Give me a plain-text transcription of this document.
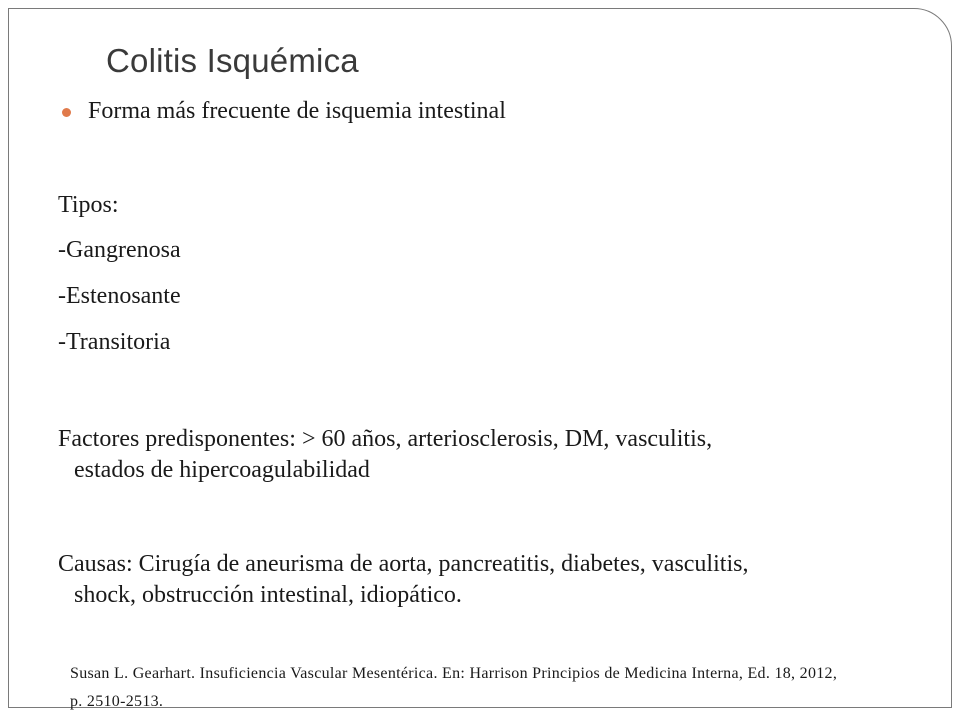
Colitis Isquémica
Forma más frecuente de isquemia intestinal
Tipos:
-Gangrenosa
-Estenosante
-Transitoria
Factores predisponentes: > 60 años, arteriosclerosis, DM, vasculitis,
estados de hipercoagulabilidad
Causas: Cirugía de aneurisma de aorta, pancreatitis, diabetes, vasculitis,
shock, obstrucción intestinal, idiopático.
Susan L. Gearhart. Insuficiencia Vascular Mesentérica. En: Harrison Principios de Medicina Interna, Ed. 18, 2012,
p. 2510-2513.
